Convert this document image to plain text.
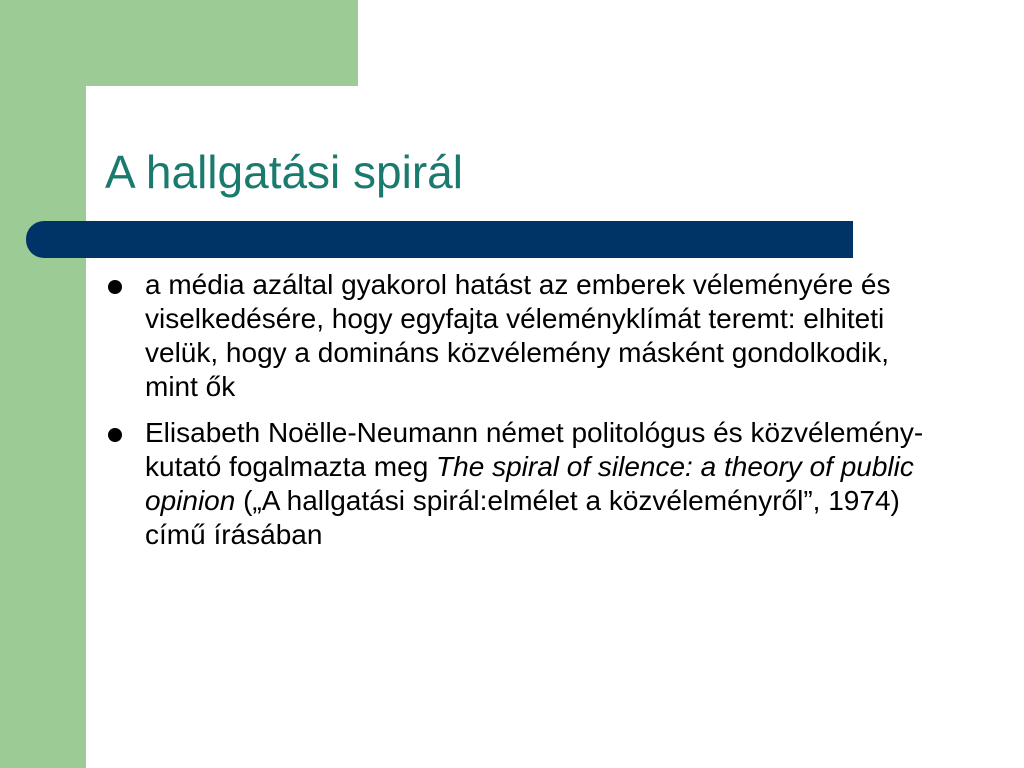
A hallgatási spirál
a média azáltal gyakorol hatást az emberek véleményére és viselkedésére, hogy egyfajta véleményklímát teremt: elhiteti velük, hogy a domináns közvélemény másként gondolkodik, mint ők
Elisabeth Noëlle-Neumann német politológus és közvélemény-kutató fogalmazta meg The spiral of silence: a theory of public opinion („A hallgatási spirál:elmélet a közvéleményről”, 1974) című írásában
